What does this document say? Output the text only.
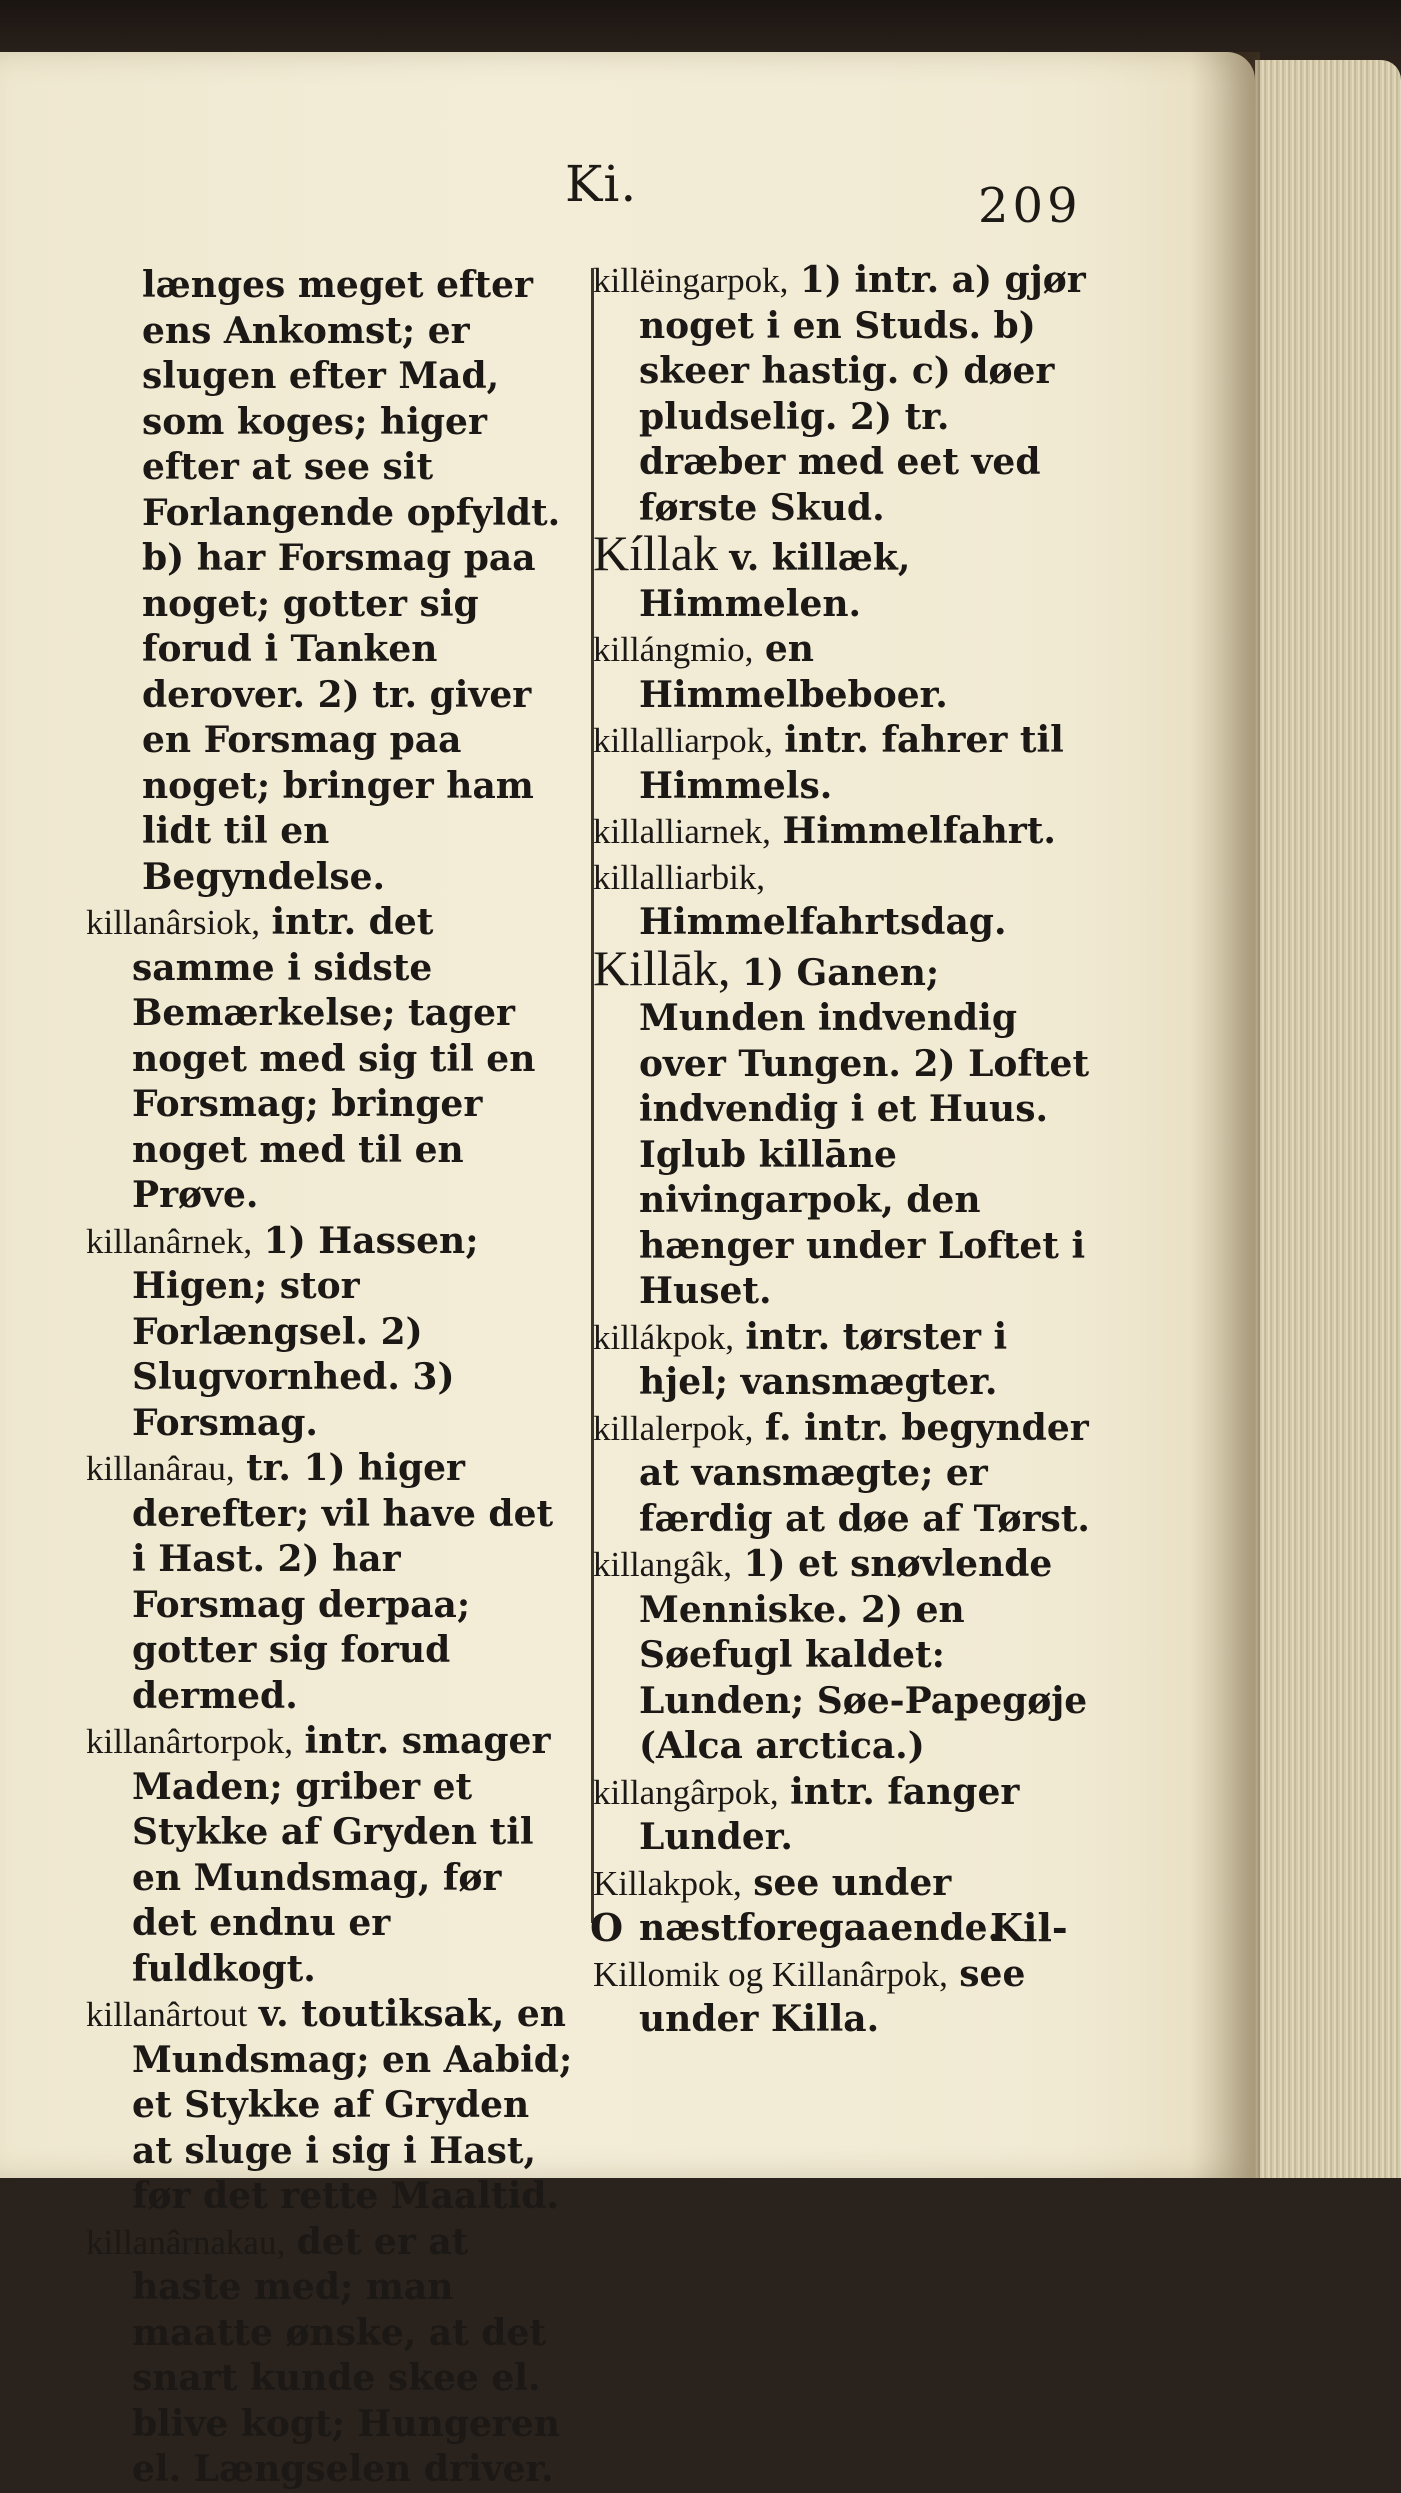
Ki.	209

længes meget efter ens Ankomst; er slugen efter Mad, som koges; higer efter at see sit Forlangende opfyldt. b) har Forsmag paa noget; gotter sig forud i Tanken derover. 2) tr. giver en Forsmag paa noget; bringer ham lidt til en Begyndelse.

killanârsiok, intr. det samme i sidste Bemærkelse; tager noget med sig til en Forsmag; bringer noget med til en Prøve.

killanârnek, 1) Hassen; Higen; stor Forlængsel. 2) Slugvornhed. 3) Forsmag.

killanârau, tr. 1) higer derefter; vil have det i Hast. 2) har Forsmag derpaa; gotter sig forud dermed.

killanârtorpok, intr. smager Maden; griber et Stykke af Gryden til en Mundsmag, før det endnu er fuldkogt.

killanârtout v. toutiksak, en Mundsmag; en Aabid; et Stykke af Gryden at sluge i sig i Hast, før det rette Maaltid.

killanârnakau, det er at haste med; man maatte ønske, at det snart kunde skee el. blive kogt; Hungeren el. Længselen driver.

killëingarpok, 1) intr. a) gjør noget i en Studs. b) skeer hastig. c) døer pludselig. 2) tr. dræber med eet ved første Skud.

Kíllak v. killæk, Himmelen.

killángmio, en Himmelbeboer.

killalliarpok, intr. fahrer til Himmels.

killalliarnek, Himmelfahrt.

killalliarbik, Himmelfahrtsdag.

Killāk, 1) Ganen; Munden indvendig over Tungen. 2) Loftet indvendig i et Huus. Iglub killāne nivingarpok, den hænger under Loftet i Huset.

killákpok, intr. tørster i hjel; vansmægter.

killalerpok, f. intr. begynder at vansmægte; er færdig at døe af Tørst.

killangâk, 1) et snøvlende Menniske. 2) en Søefugl kaldet: Lunden; Søe-Papegøje (Alca arctica.)

killangârpok, intr. fanger Lunder.

Killakpok, see under næstforegaaende.

Killomik og Killanârpok, see under Killa.

O	Kil-
